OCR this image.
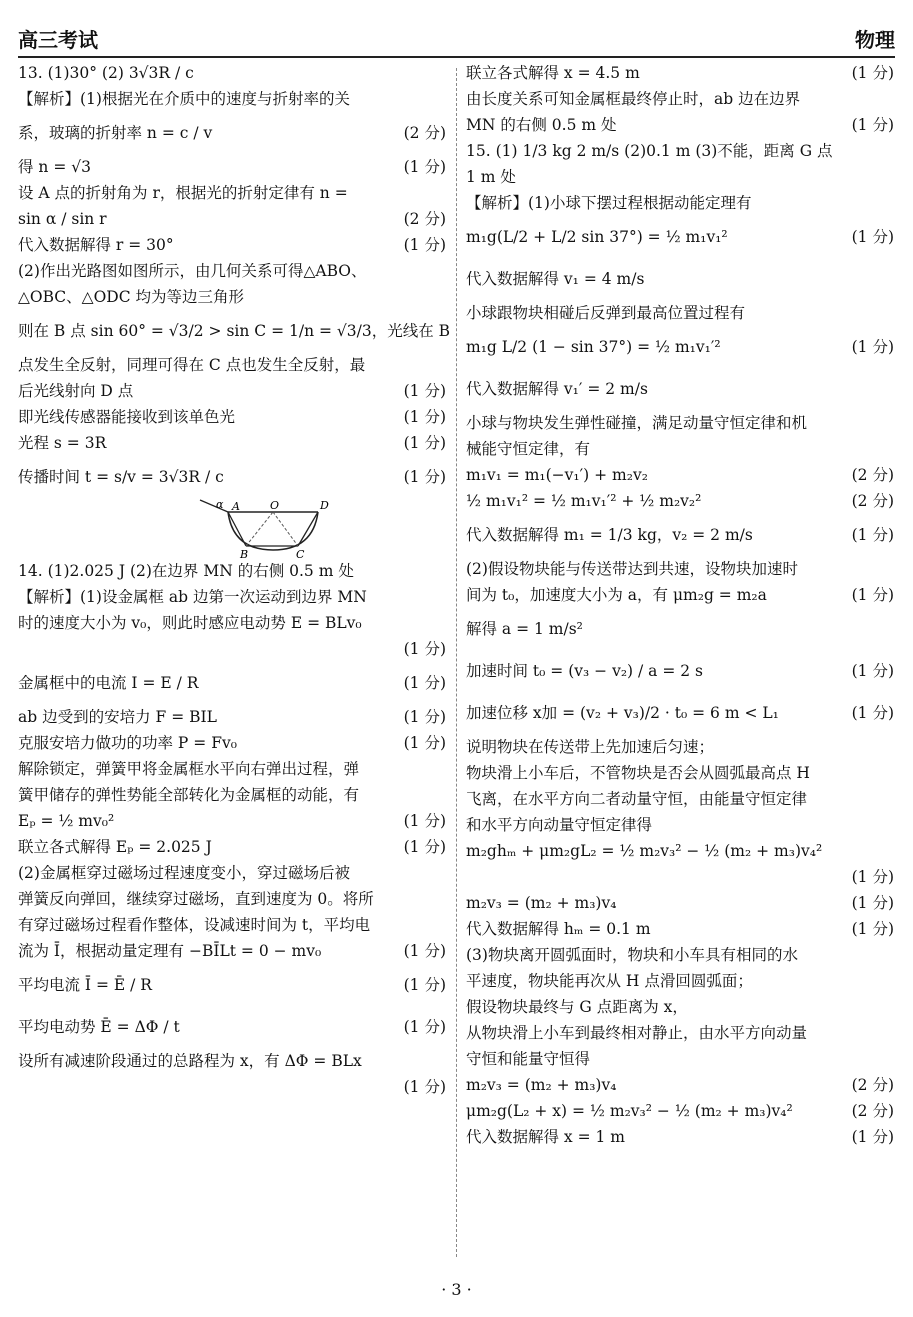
高三考试	物理
13. (1)30° (2) 3√3R / c
【解析】(1)根据光在介质中的速度与折射率的关
系，玻璃的折射率 n = c / v	(2 分)
得 n = √3	(1 分)
设 A 点的折射角为 r，根据光的折射定律有 n =
sin α / sin r	(2 分)
代入数据解得 r = 30°	(1 分)
(2)作出光路图如图所示，由几何关系可得△ABO、
△OBC、△ODC 均为等边三角形
则在 B 点 sin 60° = √3/2 > sin C = 1/n = √3/3，光线在 B
点发生全反射，同理可得在 C 点也发生全反射，最
后光线射向 D 点	(1 分)
即光线传感器能接收到该单色光	(1 分)
光程 s = 3R	(1 分)
传播时间 t = s/v = 3√3R / c	(1 分)
α A	O	D
B	C
14. (1)2.025 J (2)在边界 MN 的右侧 0.5 m 处
【解析】(1)设金属框 ab 边第一次运动到边界 MN
时的速度大小为 v₀，则此时感应电动势 E = BLv₀
(1 分)
金属框中的电流 I = E / R	(1 分)
ab 边受到的安培力 F = BIL	(1 分)
克服安培力做功的功率 P = Fv₀	(1 分)
解除锁定，弹簧甲将金属框水平向右弹出过程，弹
簧甲储存的弹性势能全部转化为金属框的动能，有
Eₚ = ½ mv₀²	(1 分)
联立各式解得 Eₚ = 2.025 J	(1 分)
(2)金属框穿过磁场过程速度变小，穿过磁场后被
弹簧反向弹回，继续穿过磁场，直到速度为 0。将所
有穿过磁场过程看作整体，设减速时间为 t，平均电
流为 Ī，根据动量定理有 −BĪLt = 0 − mv₀	(1 分)
平均电流 Ī = Ē / R	(1 分)
平均电动势 Ē = ΔΦ / t	(1 分)
设所有减速阶段通过的总路程为 x，有 ΔΦ = BLx
(1 分)
联立各式解得 x = 4.5 m	(1 分)
由长度关系可知金属框最终停止时，ab 边在边界
MN 的右侧 0.5 m 处	(1 分)
15. (1) 1/3 kg 2 m/s (2)0.1 m (3)不能，距离 G 点
1 m 处
【解析】(1)小球下摆过程根据动能定理有
m₁g(L/2 + L/2 sin 37°) = ½ m₁v₁²	(1 分)
代入数据解得 v₁ = 4 m/s
小球跟物块相碰后反弹到最高位置过程有
m₁g L/2 (1 − sin 37°) = ½ m₁v₁′²	(1 分)
代入数据解得 v₁′ = 2 m/s
小球与物块发生弹性碰撞，满足动量守恒定律和机
械能守恒定律，有
m₁v₁ = m₁(−v₁′) + m₂v₂	(2 分)
½ m₁v₁² = ½ m₁v₁′² + ½ m₂v₂²	(2 分)
代入数据解得 m₁ = 1/3 kg，v₂ = 2 m/s	(1 分)
(2)假设物块能与传送带达到共速，设物块加速时
间为 t₀，加速度大小为 a，有 μm₂g = m₂a	(1 分)
解得 a = 1 m/s²
加速时间 t₀ = (v₃ − v₂) / a = 2 s	(1 分)
加速位移 x加 = (v₂ + v₃)/2 · t₀ = 6 m < L₁	(1 分)
说明物块在传送带上先加速后匀速；
物块滑上小车后，不管物块是否会从圆弧最高点 H
飞离，在水平方向二者动量守恒，由能量守恒定律
和水平方向动量守恒定律得
m₂ghₘ + μm₂gL₂ = ½ m₂v₃² − ½ (m₂ + m₃)v₄²
(1 分)
m₂v₃ = (m₂ + m₃)v₄	(1 分)
代入数据解得 hₘ = 0.1 m	(1 分)
(3)物块离开圆弧面时，物块和小车具有相同的水
平速度，物块能再次从 H 点滑回圆弧面；
假设物块最终与 G 点距离为 x，
从物块滑上小车到最终相对静止，由水平方向动量
守恒和能量守恒得
m₂v₃ = (m₂ + m₃)v₄	(2 分)
μm₂g(L₂ + x) = ½ m₂v₃² − ½ (m₂ + m₃)v₄²	(2 分)
代入数据解得 x = 1 m	(1 分)
· 3 ·
